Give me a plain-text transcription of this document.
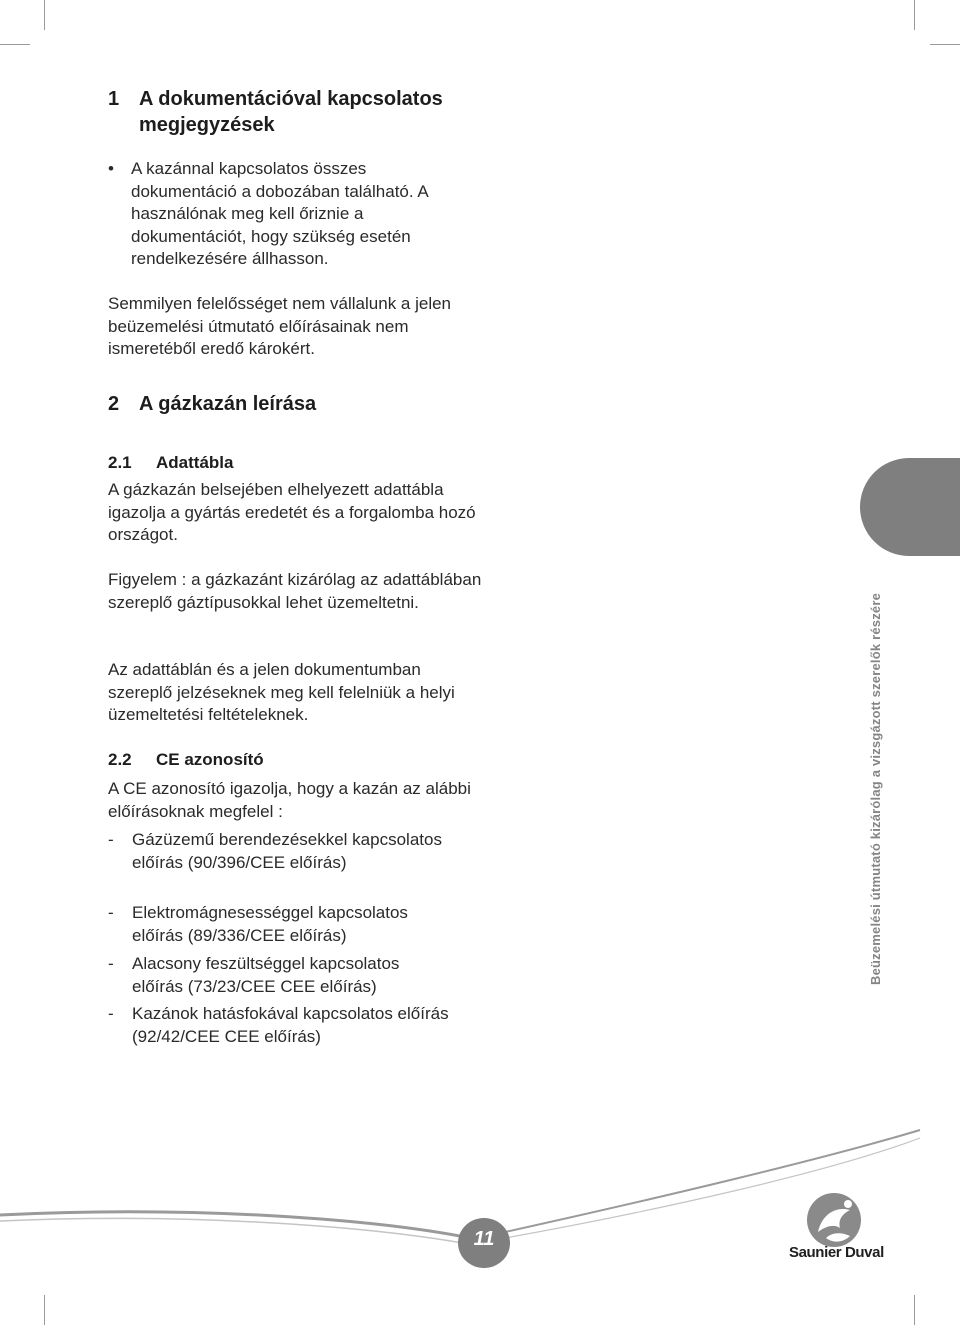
1 A dokumentációval kapcsolatos megjegyzések
• A kazánnal kapcsolatos összes dokumentáció a dobozában található. A használónak meg kell őriznie a dokumentációt, hogy szükség esetén rendelkezésére állhasson.
Semmilyen felelősséget nem vállalunk a jelen beüzemelési útmutató előírásainak nem ismeretéből eredő károkért.
2 A gázkazán leírása
2.1 Adattábla
A gázkazán belsejében elhelyezett adattábla igazolja a gyártás eredetét és a forgalomba hozó országot.
Figyelem : a gázkazánt kizárólag az adattáblában szereplő gáztípusokkal lehet üzemeltetni.
Az adattáblán és a jelen dokumentumban szereplő jelzéseknek meg kell felelniük a helyi üzemeltetési feltételeknek.
2.2 CE azonosító
A CE azonosító igazolja, hogy a kazán az alábbi előírásoknak megfelel :
- Gázüzemű berendezésekkel kapcsolatos előírás (90/396/CEE előírás)
- Elektromágnesességgel kapcsolatos előírás (89/336/CEE előírás)
- Alacsony feszültséggel kapcsolatos előírás (73/23/CEE CEE előírás)
- Kazánok hatásfokával kapcsolatos előírás (92/42/CEE CEE előírás)
Beüzemelési útmutató kizárólag a vizsgázott szerelők részére
11
Saunier Duval
